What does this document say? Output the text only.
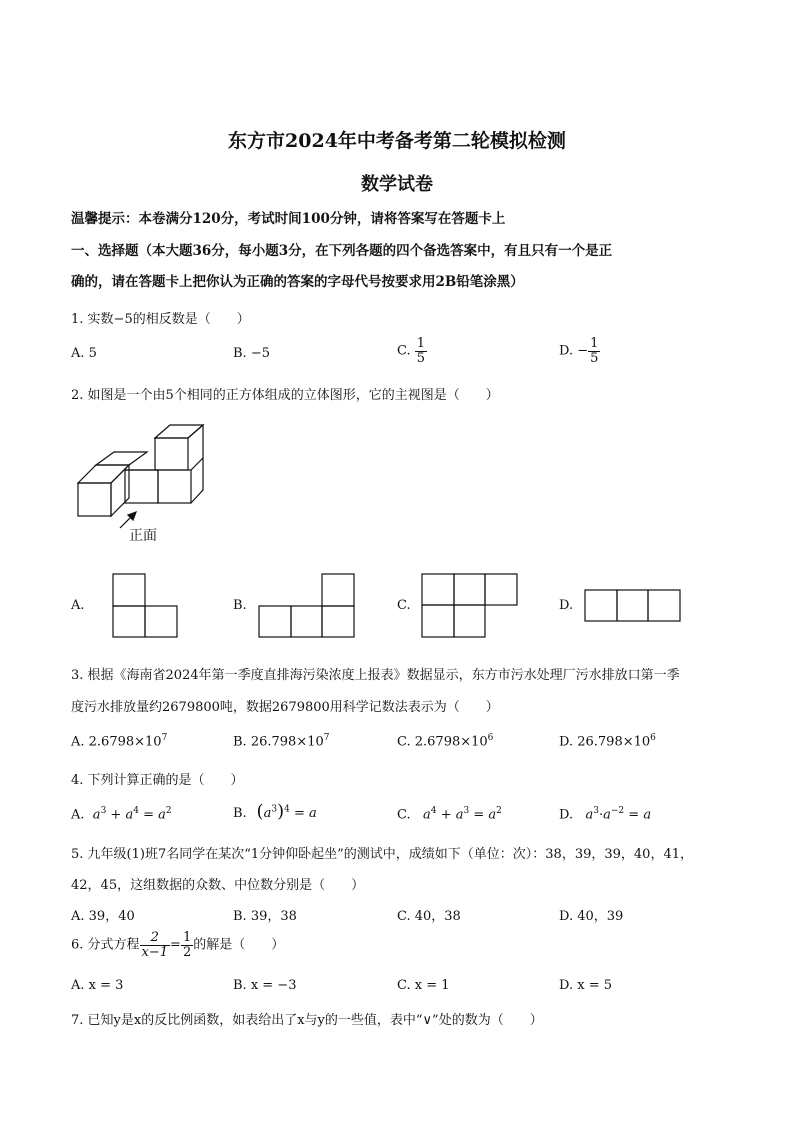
东方市2024年中考备考第二轮模拟检测
数学试卷
温馨提示：本卷满分120分，考试时间100分钟，请将答案写在答题卡上
一、选择题（本大题36分，每小题3分，在下列各题的四个备选答案中，有且只有一个是正
确的，请在答题卡上把你认为正确的答案的字母代号按要求用2B铅笔涂黑）
1. 实数−5的相反数是（　　）
A. 5	B. −5	C. $\frac{1}{5}$	D. − $\frac{1}{5}$
2. 如图是一个由5个相同的正方体组成的立体图形，它的主视图是（　　）
正面
A.	B.	C.	D.
3. 根据《海南省2024年第一季度直排海污染浓度上报表》数据显示，东方市污水处理厂污水排放口第一季
度污水排放量约2679800吨，数据2679800用科学记数法表示为（　　）
A. $2.6798\times 10^7$	B. $26.798\times 10^7$	C. $2.6798\times 10^6$	D. $26.798\times 10^6$
4. 下列计算正确的是（　　）
A.  $a^3 + a^4 = a^2$	B.  $(a^3)^4 = a$	C.   $a^4 + a^3 = a^2$	D.   $a^3\cdot a^{-2} = a$
5. 九年级(1)班7名同学在某次“1分钟仰卧起坐”的测试中，成绩如下（单位：次）：38，39，39，40，41，
42，45，这组数据的众数、中位数分别是（　　）
A. 39，40	B. 39，38	C. 40，38	D. 40，39
6. 分式方程 $\frac{2}{x-1} = \frac{1}{2}$ 的解是（　　）
A. x = 3	B. x = −3	C. x = 1	D. x = 5
7. 已知y是x的反比例函数，如表给出了x与y的一些值，表中“∨”处的数为（　　）
